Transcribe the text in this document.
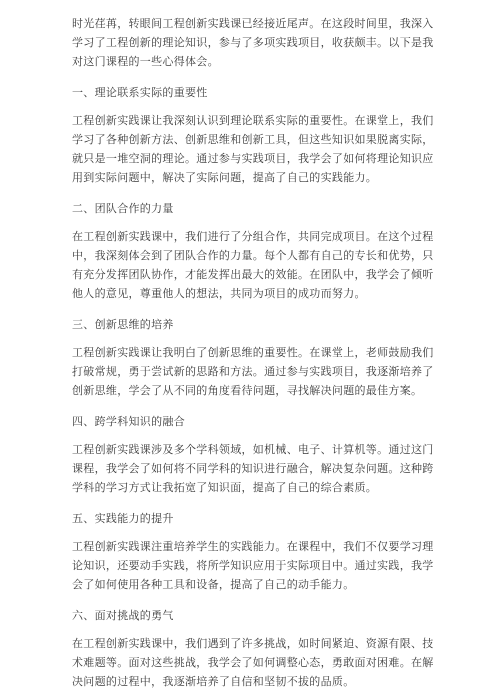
时光荏苒，转眼间工程创新实践课已经接近尾声。在这段时间里，我深入学习了工程创新的理论知识，参与了多项实践项目，收获颇丰。以下是我对这门课程的一些心得体会。

一、理论联系实际的重要性

工程创新实践课让我深刻认识到理论联系实际的重要性。在课堂上，我们学习了各种创新方法、创新思维和创新工具，但这些知识如果脱离实际，就只是一堆空洞的理论。通过参与实践项目，我学会了如何将理论知识应用到实际问题中，解决了实际问题，提高了自己的实践能力。

二、团队合作的力量

在工程创新实践课中，我们进行了分组合作，共同完成项目。在这个过程中，我深刻体会到了团队合作的力量。每个人都有自己的专长和优势，只有充分发挥团队协作，才能发挥出最大的效能。在团队中，我学会了倾听他人的意见，尊重他人的想法，共同为项目的成功而努力。

三、创新思维的培养

工程创新实践课让我明白了创新思维的重要性。在课堂上，老师鼓励我们打破常规，勇于尝试新的思路和方法。通过参与实践项目，我逐渐培养了创新思维，学会了从不同的角度看待问题，寻找解决问题的最佳方案。

四、跨学科知识的融合

工程创新实践课涉及多个学科领域，如机械、电子、计算机等。通过这门课程，我学会了如何将不同学科的知识进行融合，解决复杂问题。这种跨学科的学习方式让我拓宽了知识面，提高了自己的综合素质。

五、实践能力的提升

工程创新实践课注重培养学生的实践能力。在课程中，我们不仅要学习理论知识，还要动手实践，将所学知识应用于实际项目中。通过实践，我学会了如何使用各种工具和设备，提高了自己的动手能力。

六、面对挑战的勇气

在工程创新实践课中，我们遇到了许多挑战，如时间紧迫、资源有限、技术难题等。面对这些挑战，我学会了如何调整心态，勇敢面对困难。在解决问题的过程中，我逐渐培养了自信和坚韧不拔的品质。
